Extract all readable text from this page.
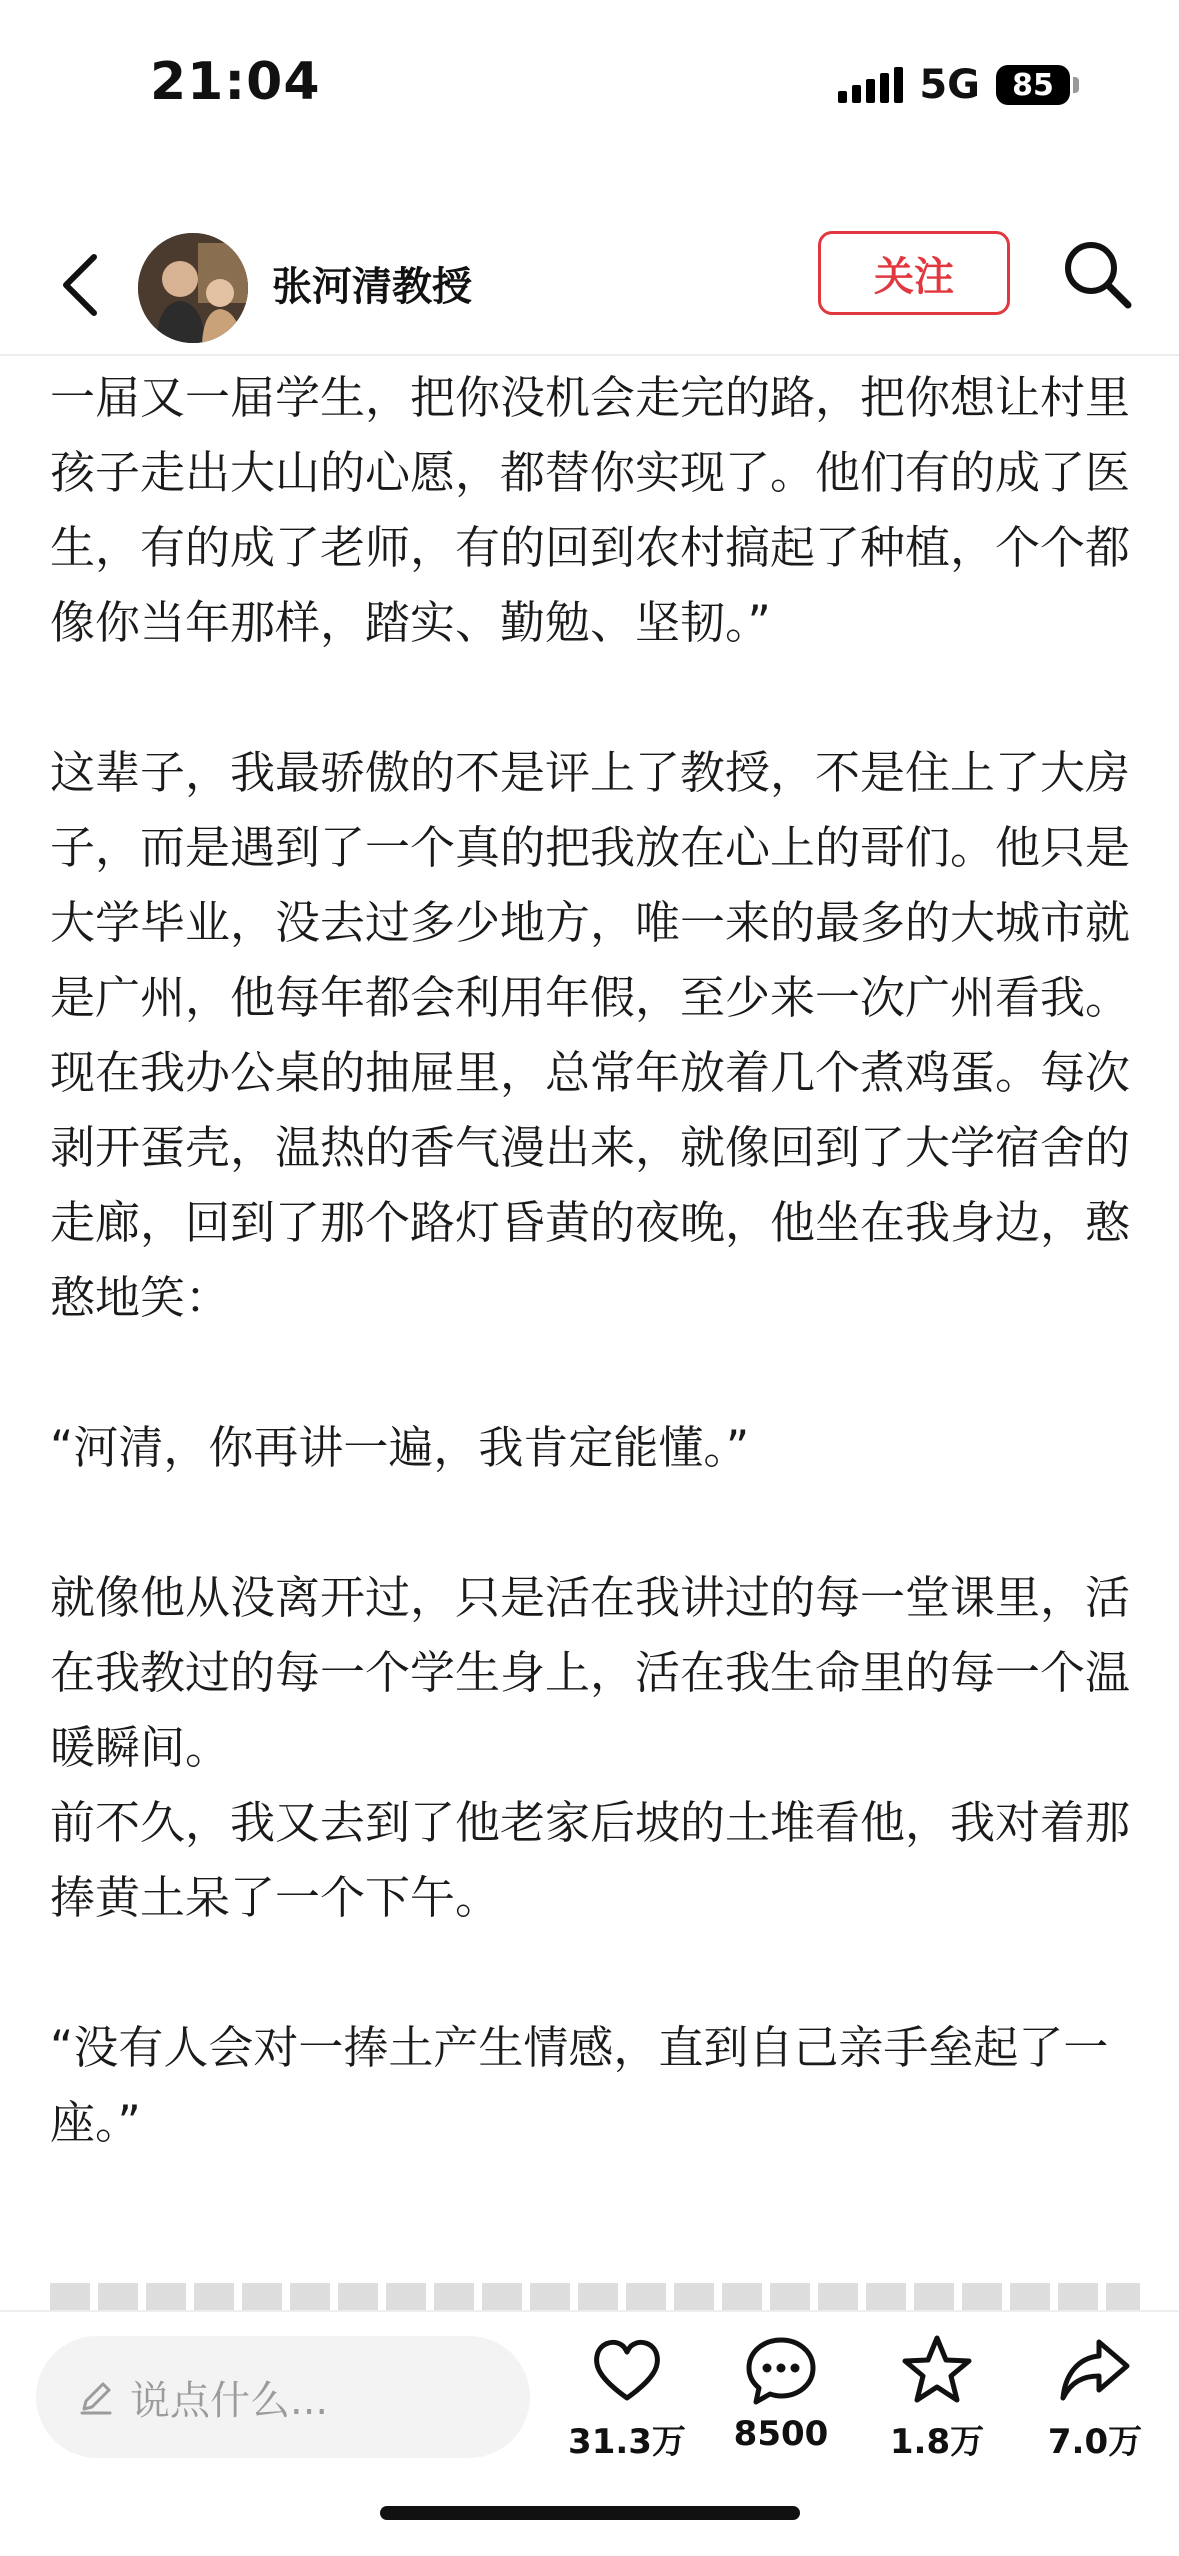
21:04	5G	85
张河清教授	关注

一届又一届学生，把你没机会走完的路，把你想让村里孩子走出大山的心愿，都替你实现了。他们有的成了医生，有的成了老师，有的回到农村搞起了种植，个个都像你当年那样，踏实、勤勉、坚韧。”

这辈子，我最骄傲的不是评上了教授，不是住上了大房子，而是遇到了一个真的把我放在心上的哥们。他只是大学毕业，没去过多少地方，唯一来的最多的大城市就是广州，他每年都会利用年假，至少来一次广州看我。

现在我办公桌的抽屉里，总常年放着几个煮鸡蛋。每次剥开蛋壳，温热的香气漫出来，就像回到了大学宿舍的走廊，回到了那个路灯昏黄的夜晚，他坐在我身边，憨憨地笑：

“河清，你再讲一遍，我肯定能懂。”

就像他从没离开过，只是活在我讲过的每一堂课里，活在我教过的每一个学生身上，活在我生命里的每一个温暖瞬间。

前不久，我又去到了他老家后坡的土堆看他，我对着那捧黄土呆了一个下午。

“没有人会对一捧土产生情感，直到自己亲手垒起了一座。”

说点什么...
31.3万	8500	1.8万	7.0万
